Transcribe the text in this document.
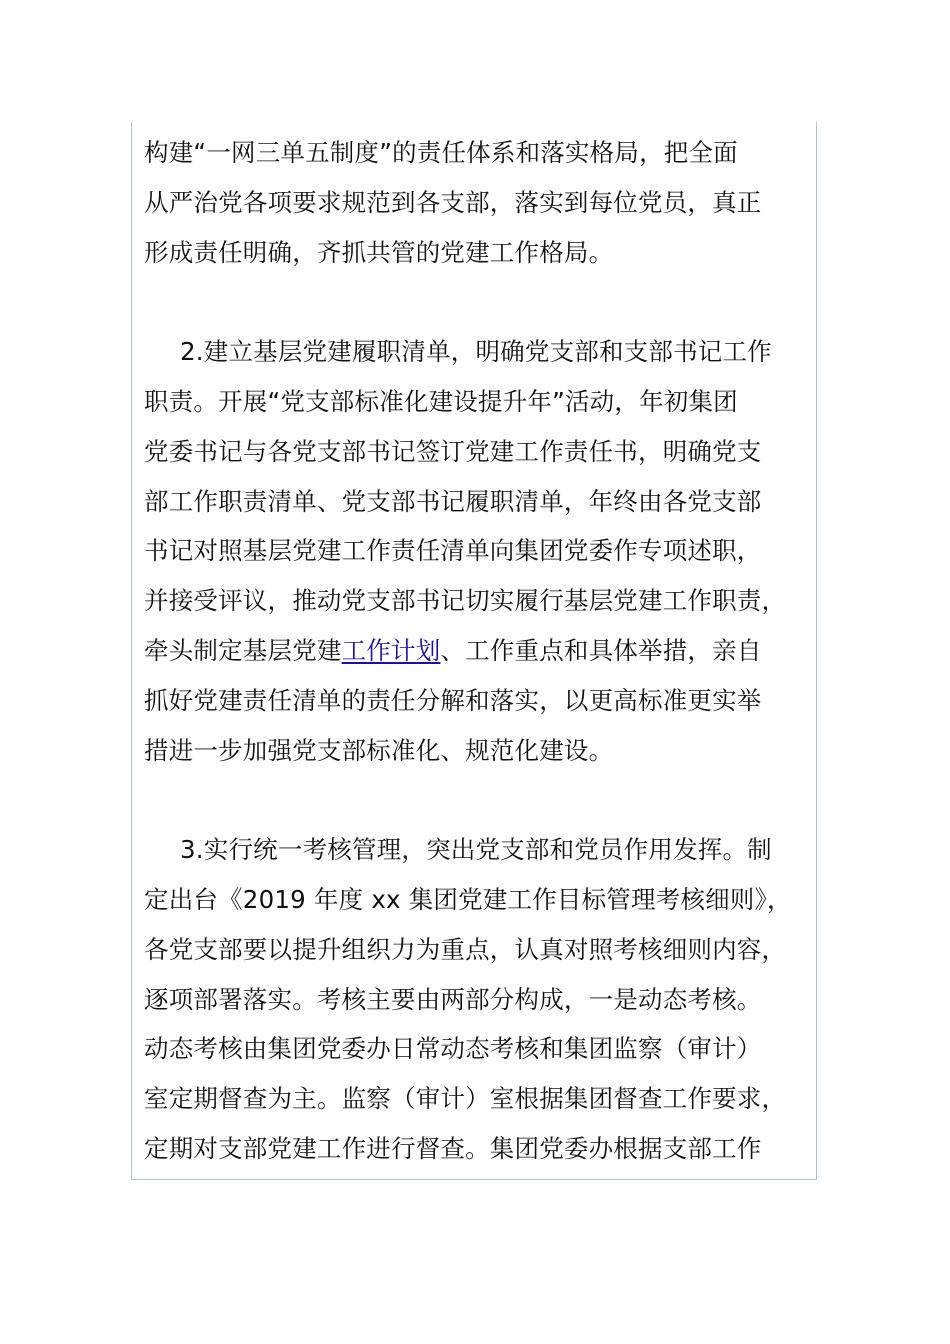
构建“一网三单五制度”的责任体系和落实格局，把全面
从严治党各项要求规范到各支部，落实到每位党员，真正
形成责任明确，齐抓共管的党建工作格局。
2.建立基层党建履职清单，明确党支部和支部书记工作
职责。开展“党支部标准化建设提升年”活动，年初集团
党委书记与各党支部书记签订党建工作责任书，明确党支
部工作职责清单、党支部书记履职清单，年终由各党支部
书记对照基层党建工作责任清单向集团党委作专项述职，
并接受评议，推动党支部书记切实履行基层党建工作职责，
牵头制定基层党建工作计划、工作重点和具体举措，亲自
抓好党建责任清单的责任分解和落实，以更高标准更实举
措进一步加强党支部标准化、规范化建设。
3.实行统一考核管理，突出党支部和党员作用发挥。制
定出台《2019 年度 xx 集团党建工作目标管理考核细则》，
各党支部要以提升组织力为重点，认真对照考核细则内容，
逐项部署落实。考核主要由两部分构成，一是动态考核。
动态考核由集团党委办日常动态考核和集团监察（审计）
室定期督查为主。监察（审计）室根据集团督查工作要求，
定期对支部党建工作进行督查。集团党委办根据支部工作
